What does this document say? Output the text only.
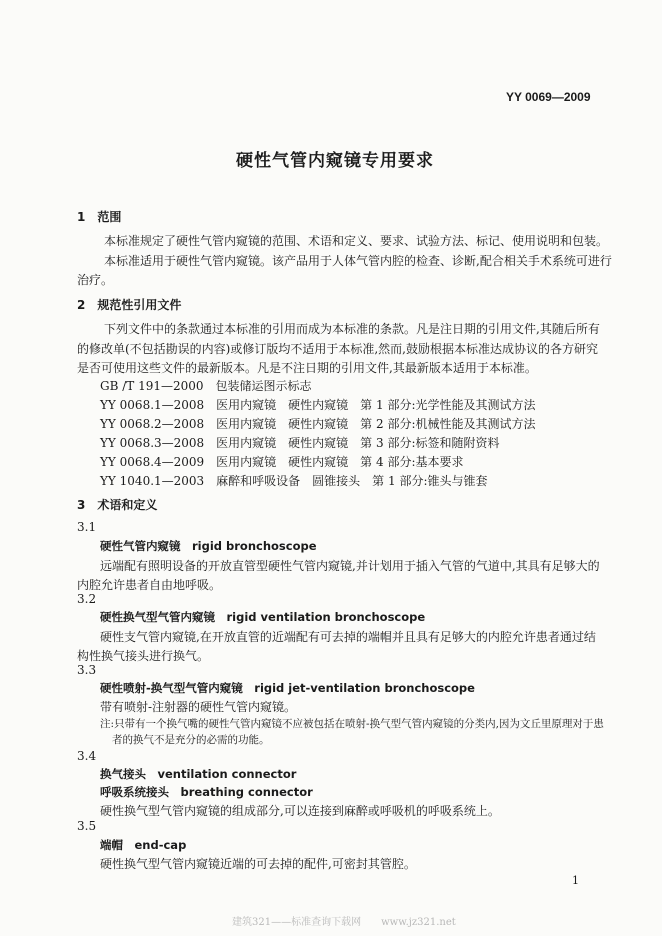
YY 0069—2009
硬性气管内窥镜专用要求
1　范围
本标准规定了硬性气管内窥镜的范围、术语和定义、要求、试验方法、标记、使用说明和包装。
本标准适用于硬性气管内窥镜。该产品用于人体气管内腔的检查、诊断,配合相关手术系统可进行
治疗。
2　规范性引用文件
下列文件中的条款通过本标准的引用而成为本标准的条款。凡是注日期的引用文件,其随后所有
的修改单(不包括勘误的内容)或修订版均不适用于本标准,然而,鼓励根据本标准达成协议的各方研究
是否可使用这些文件的最新版本。凡是不注日期的引用文件,其最新版本适用于本标准。
GB /T 191—2000　包装储运图示标志
YY 0068.1—2008　医用内窥镜　硬性内窥镜　第 1 部分:光学性能及其测试方法
YY 0068.2—2008　医用内窥镜　硬性内窥镜　第 2 部分:机械性能及其测试方法
YY 0068.3—2008　医用内窥镜　硬性内窥镜　第 3 部分:标签和随附资料
YY 0068.4—2009　医用内窥镜　硬性内窥镜　第 4 部分:基本要求
YY 1040.1—2003　麻醉和呼吸设备　圆锥接头　第 1 部分:锥头与锥套
3　术语和定义
3.1
硬性气管内窥镜　rigid bronchoscope
远端配有照明设备的开放直管型硬性气管内窥镜,并计划用于插入气管的气道中,其具有足够大的
内腔允许患者自由地呼吸。
3.2
硬性换气型气管内窥镜　rigid ventilation bronchoscope
硬性支气管内窥镜,在开放直管的近端配有可去掉的端帽并且具有足够大的内腔允许患者通过结
构性换气接头进行换气。
3.3
硬性喷射-换气型气管内窥镜　rigid jet-ventilation bronchoscope
带有喷射-注射器的硬性气管内窥镜。
注:只带有一个换气嘴的硬性气管内窥镜不应被包括在喷射-换气型气管内窥镜的分类内,因为文丘里原理对于患
者的换气不是充分的必需的功能。
3.4
换气接头　ventilation connector
呼吸系统接头　breathing connector
硬性换气型气管内窥镜的组成部分,可以连接到麻醉或呼吸机的呼吸系统上。
3.5
端帽　end-cap
硬性换气型气管内窥镜近端的可去掉的配件,可密封其管腔。
1
建筑321——标准查询下载网　　www.jz321.net
